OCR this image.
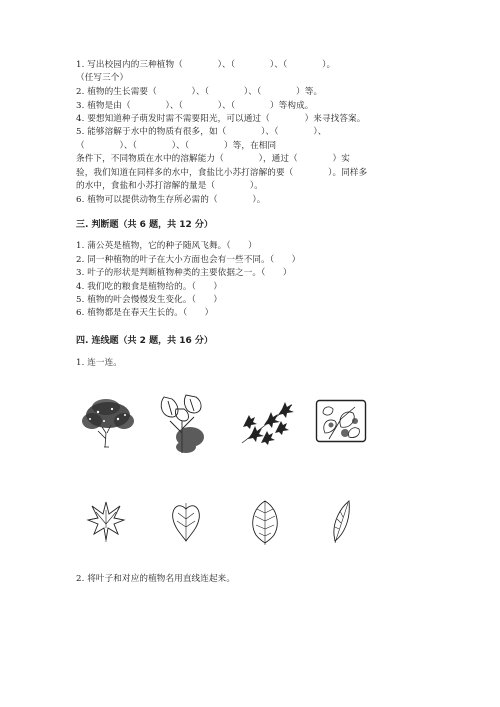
1. 写出校园内的三种植物（　　　　）、（　　　　）、（　　　　）。
（任写三个）
2. 植物的生长需要（　　　　）、（　　　　）、（　　　　）等。
3. 植物是由（　　　　）、（　　　　）、（　　　　）等构成。
4. 要想知道种子萌发时需不需要阳光，可以通过（　　　　）来寻找答案。
5. 能够溶解于水中的物质有很多，如（　　　　）、（　　　　）、
（　　　　）、（　　　　）、（　　　　）等，在相同
条件下，不同物质在水中的溶解能力（　　　　），通过（　　　　）实
验，我们知道在同样多的水中，食盐比小苏打溶解的要（　　　　）。同样多
的水中，食盐和小苏打溶解的量是（　　　　）。
6. 植物可以提供动物生存所必需的（　　　　）。
三. 判断题（共 6 题，共 12 分）
1. 蒲公英是植物，它的种子随风飞舞。（　　）
2. 同一种植物的叶子在大小方面也会有一些不同。（　　）
3. 叶子的形状是判断植物种类的主要依据之一。（　　）
4. 我们吃的粮食是植物给的。（　　）
5. 植物的叶会慢慢发生变化。（　　）
6. 植物都是在春天生长的。（　　）
四. 连线题（共 2 题，共 16 分）
1. 连一连。
2. 将叶子和对应的植物名用直线连起来。
